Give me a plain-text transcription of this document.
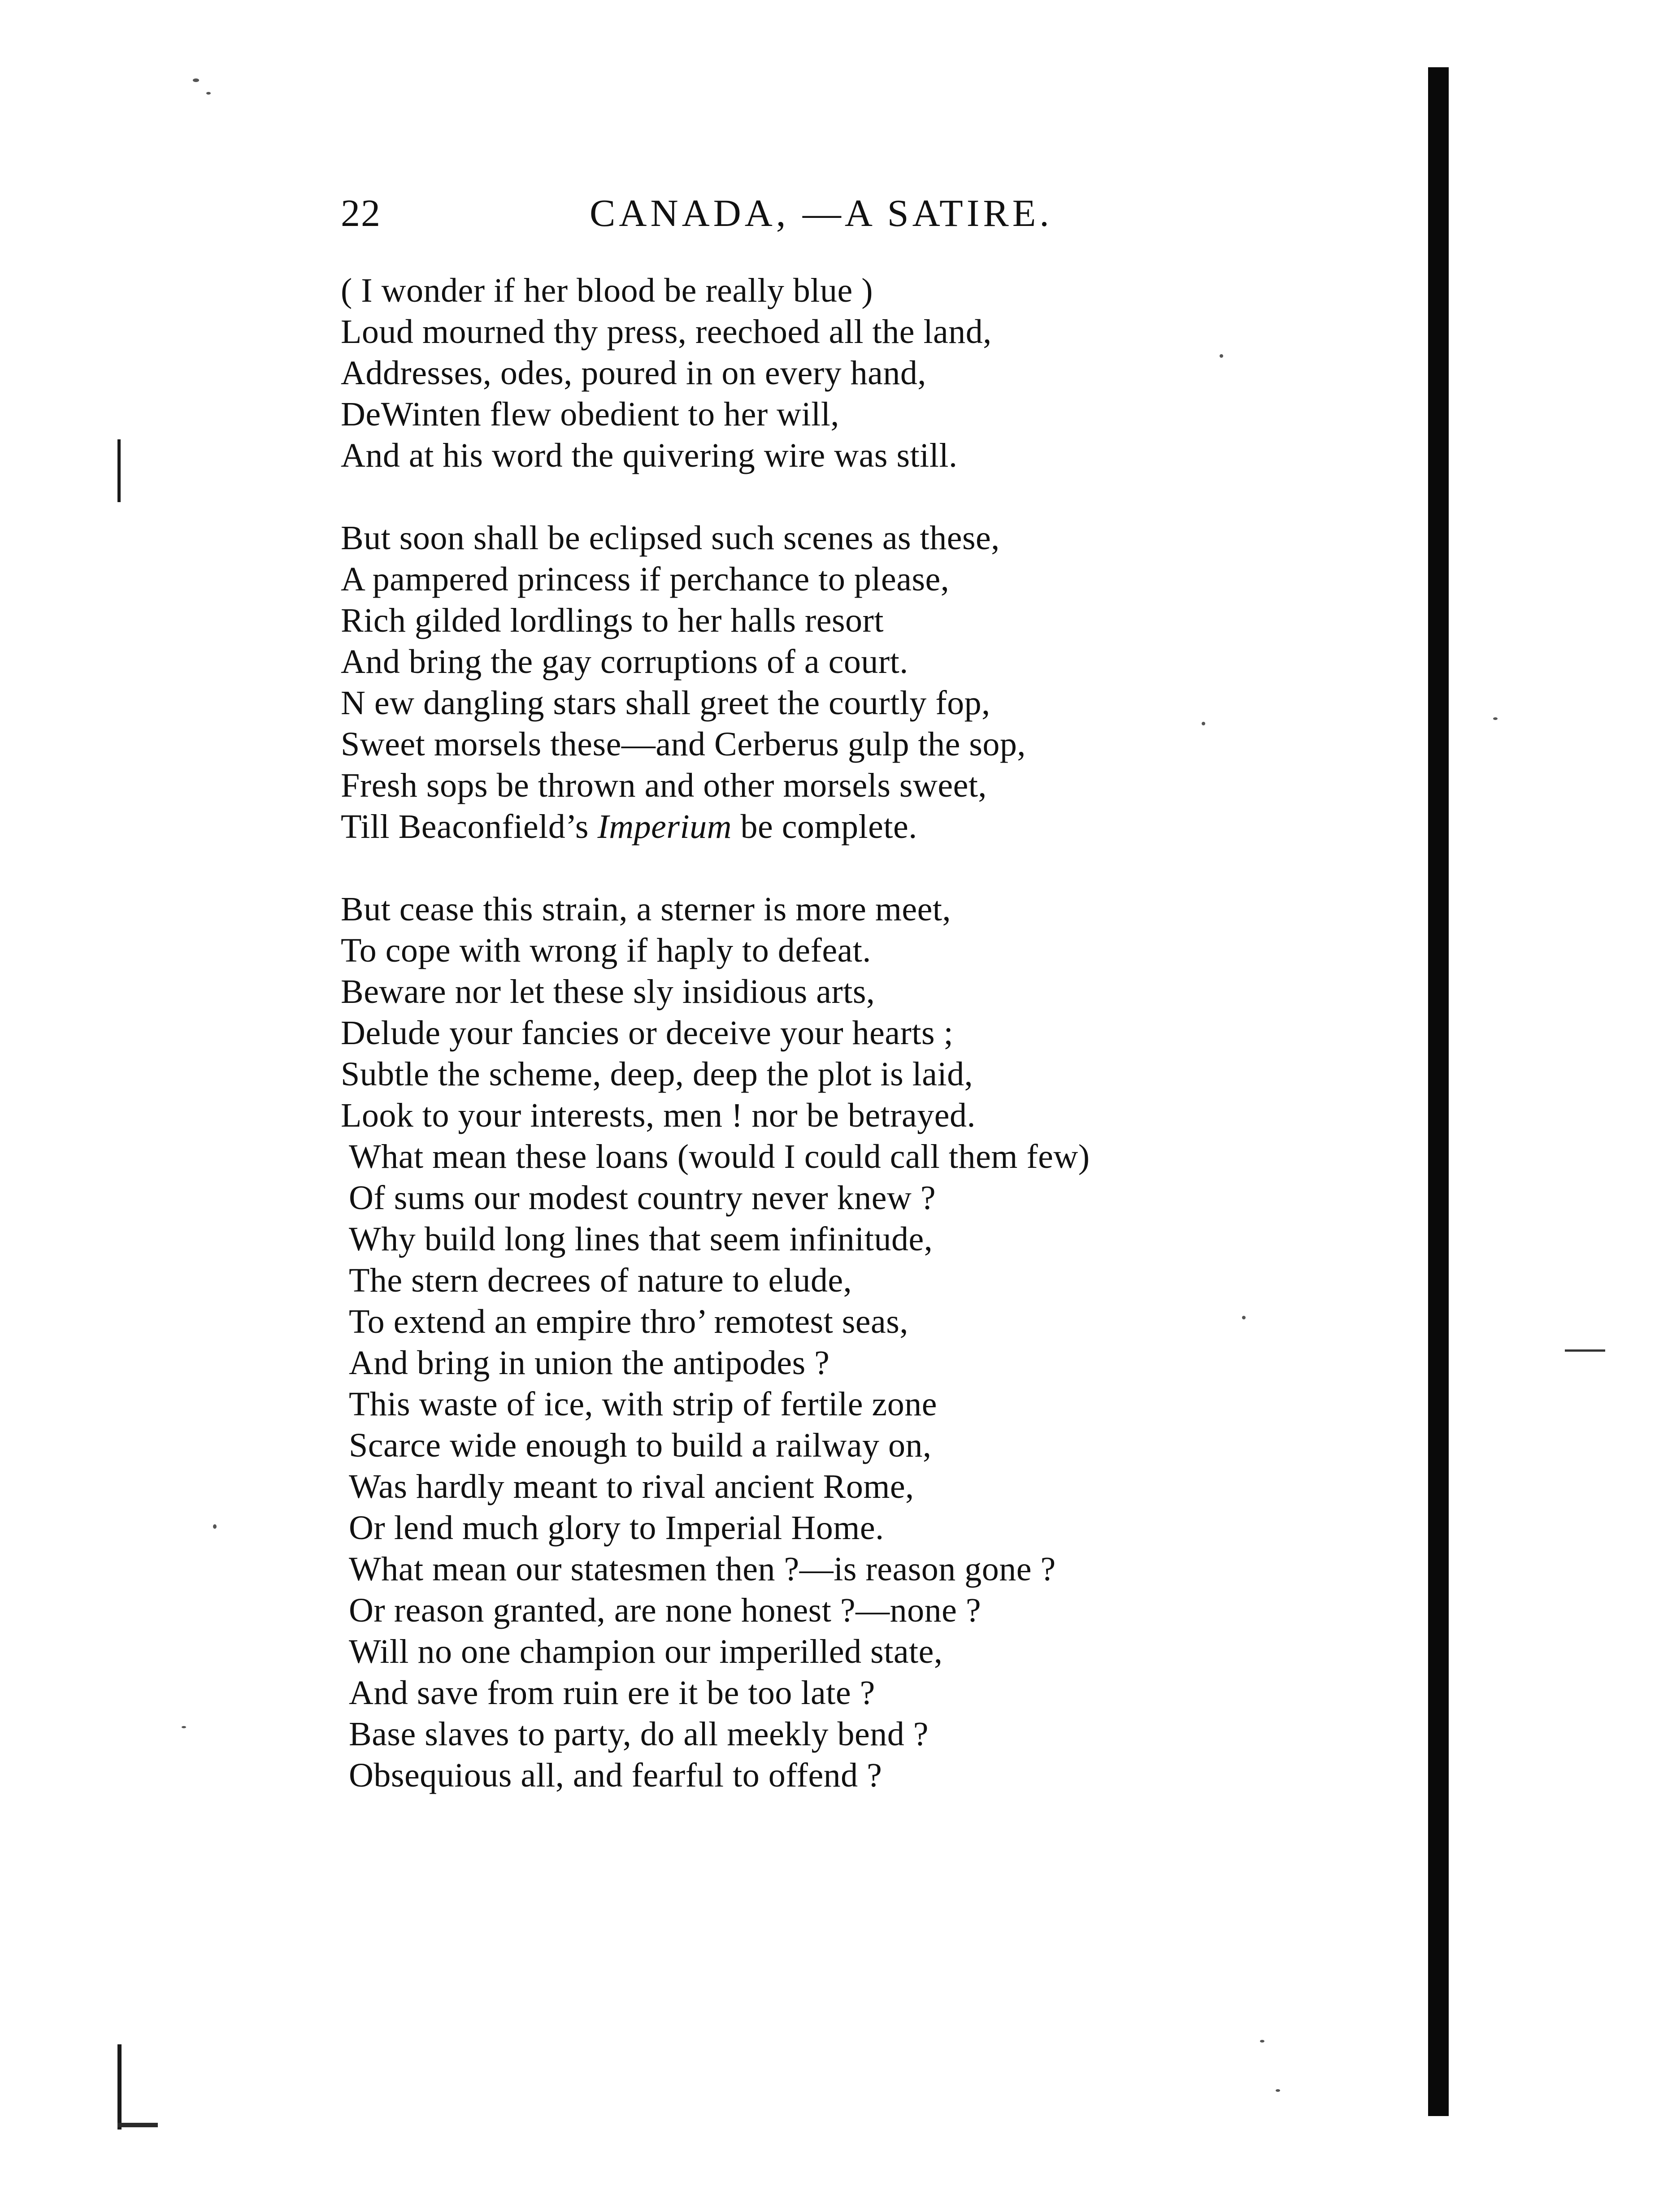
22	CANADA, —A SATIRE.
( I wonder if her blood be really blue )
Loud mourned thy press, reechoed all the land,
Addresses, odes, poured in on every hand,
DeWinten flew obedient to her will,
And at his word the quivering wire was still.
But soon shall be eclipsed such scenes as these,
A pampered princess if perchance to please,
Rich gilded lordlings to her halls resort
And bring the gay corruptions of a court.
N ew dangling stars shall greet the courtly fop,
Sweet morsels these—and Cerberus gulp the sop,
Fresh sops be thrown and other morsels sweet,
Till Beaconfield’s Imperium be complete.
But cease this strain, a sterner is more meet,
To cope with wrong if haply to defeat.
Beware nor let these sly insidious arts,
Delude your fancies or deceive your hearts ;
Subtle the scheme, deep, deep the plot is laid,
Look to your interests, men ! nor be betrayed.
What mean these loans (would I could call them few)
Of sums our modest country never knew ?
Why build long lines that seem infinitude,
The stern decrees of nature to elude,
To extend an empire thro’ remotest seas,
And bring in union the antipodes ?
This waste of ice, with strip of fertile zone
Scarce wide enough to build a railway on,
Was hardly meant to rival ancient Rome,
Or lend much glory to Imperial Home.
What mean our statesmen then ?—is reason gone ?
Or reason granted, are none honest ?—none ?
Will no one champion our imperilled state,
And save from ruin ere it be too late ?
Base slaves to party, do all meekly bend ?
Obsequious all, and fearful to offend ?
